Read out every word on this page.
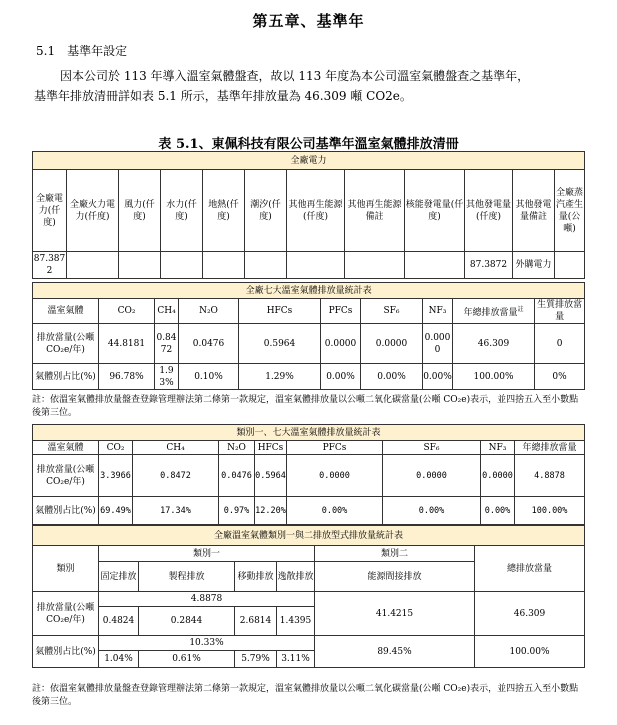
第五章、基準年
5.1　基準年設定
因本公司於 113 年導入溫室氣體盤查，故以 113 年度為本公司溫室氣體盤查之基準年，
基準年排放清冊詳如表 5.1 所示，基準年排放量為 46.309 噸 CO2e。
表 5.1、東佩科技有限公司基準年溫室氣體排放清冊
全廠電力											
全廠電力(仟度)	全廠火力電力(仟度)	風力(仟度)	水力(仟度)	地熱(仟度)	潮汐(仟度)	其他再生能源(仟度)	其他再生能源備註	核能發電量(仟度)	其他發電量(仟度)	其他發電量備註	全廠蒸汽產生量(公噸)
87.3872									87.3872	外購電力	
全廠七大溫室氣體排放量統計表									
溫室氣體	CO₂	CH₄	N₂O	HFCs	PFCs	SF₆	NF₃	年總排放當量$^註$	生質排放當量
排放當量(公噸 CO₂e/年)	44.8181	0.8472	0.0476	0.5964	0.0000	0.0000	0.0000	46.309	0
氣體別占比(%)	96.78%	1.93%	0.10%	1.29%	0.00%	0.00%	0.00%	100.00%	0%
註：依溫室氣體排放量盤查登錄管理辦法第二條第一款規定，溫室氣體排放量以公噸二氧化碳當量(公噸 CO₂e)表示，並四捨五入至小數點後第三位。
類別一、七大溫室氣體排放量統計表								
溫室氣體	CO₂	CH₄	N₂O	HFCs	PFCs	SF₆	NF₃	年總排放當量
排放當量(公噸 CO₂e/年)	3.3966	0.8472	0.0476	0.5964	0.0000	0.0000	0.0000	4.8878
氣體別占比(%)	69.49%	17.34%	0.97%	12.20%	0.00%	0.00%	0.00%	100.00%
全廠溫室氣體類別一與二排放型式排放量統計表						
類別	類別一				類別二	總排放當量
	固定排放	製程排放	移動排放	逸散排放	能源間接排放	
排放當量(公噸 CO₂e/年)	4.8878				41.4215	46.309
	0.4824	0.2844	2.6814	1.4395		
氣體別占比(%)	10.33%				89.45%	100.00%
	1.04%	0.61%	5.79%	3.11%		
註：依溫室氣體排放量盤查登錄管理辦法第二條第一款規定，溫室氣體排放量以公噸二氧化碳當量(公噸 CO₂e)表示，並四捨五入至小數點後第三位。
